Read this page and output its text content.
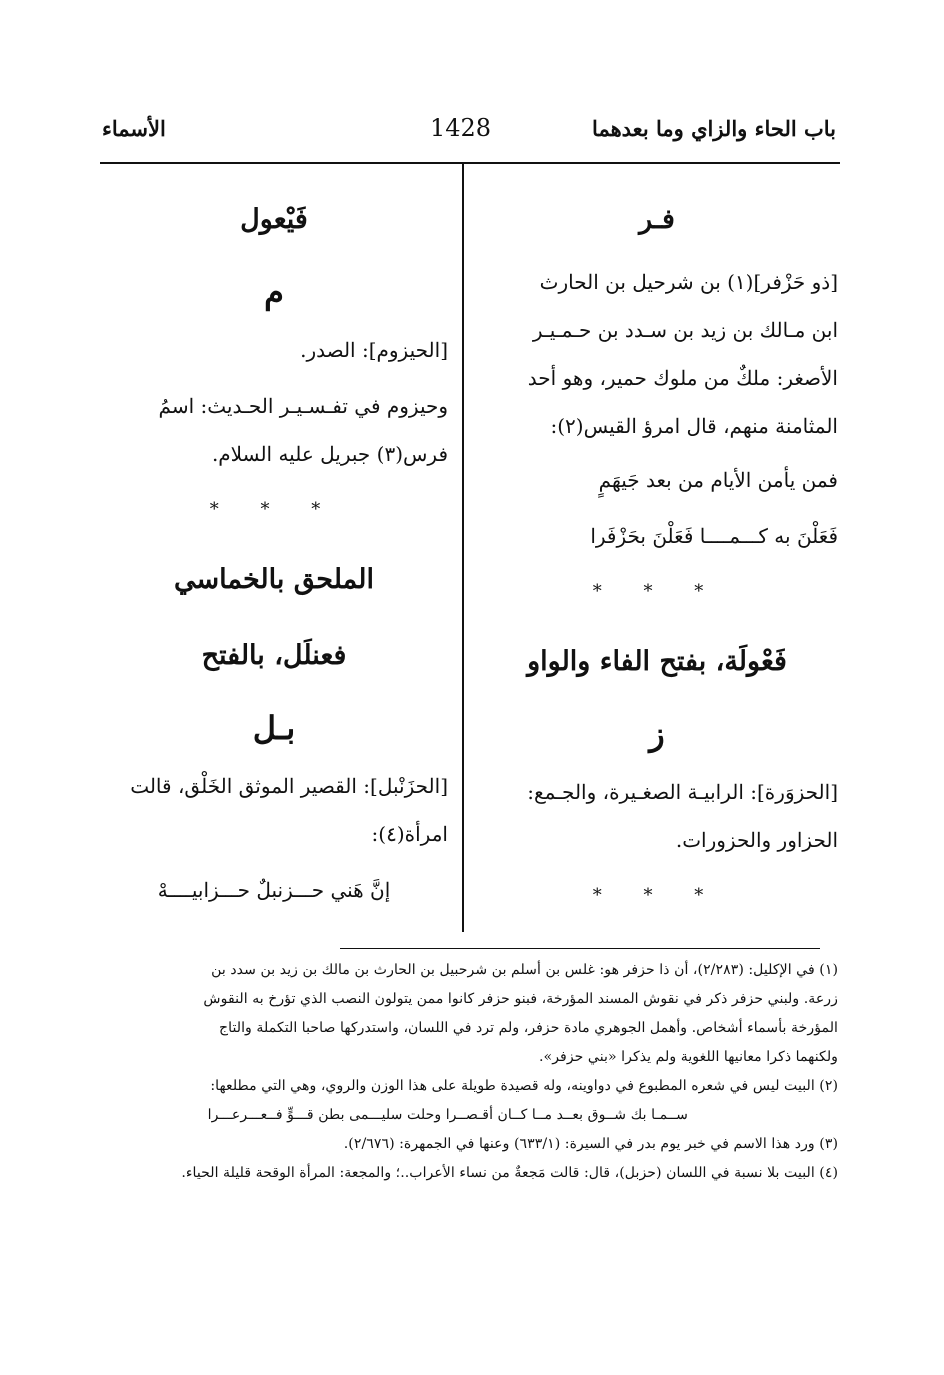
باب الحاء والزاي وما بعدهما
1428
الأسماء
فـر
[ذو حَزْفر](١) بن شرحيل بن الحارث
ابن مـالك بن زيد بن سـدد بن حـمـيـر
الأصغر: ملكٌ من ملوك حمير، وهو أحد
المثامنة منهم، قال امرؤ القيس(٢):
فمن يأمن الأيام من بعد جَيهَمٍ
فَعَلْنَ به كـــمــــا فَعَلْنَ بحَزْفَرا
* * *
فَعْولَة، بفتح الفاء والواو
ز
[الحزوَرة]: الرابيـة الصغـيرة، والجـمع:
الحزاور والحزورات.
* * *
فَيْعول
م
[الحيزوم]: الصدر.
وحيزوم في تفـسـيـر الحـديث: اسمُ
فرس(٣) جبريل عليه السلام.
* * *
الملحق بالخماسي
فعنلَل، بالفتح
بـل
[الحزَنْبل]: القصير الموثق الخَلْق، قالت
امرأة(٤):
إنَّ هَني حـــزنبلٌ حـــزابيــــهْ
(١) في الإكليل: (٢/٢٨٣)، أن ذا حزفر هو: غلس بن أسلم بن شرحبيل بن الحارث بن مالك بن زيد بن سدد بن
زرعة. ولبني حزفر ذكر في نقوش المسند المؤرخة، فبنو حزفر كانوا ممن يتولون النصب الذي تؤرخ به النقوش
المؤرخة بأسماء أشخاص. وأهمل الجوهري مادة حزفر، ولم ترد في اللسان، واستدركها صاحبا التكملة والتاج
ولكنهما ذكرا معانيها اللغوية ولم يذكرا «بني حزفر».
(٢) البيت ليس في شعره المطبوع في دواوينه، وله قصيدة طويلة على هذا الوزن والروي، وهي التي مطلعها:
ســمـا بك شــوق بعــد مــا كــان أقـصــرا وحلت سليـــمى بطن قـــوٍّ فــعـــرعـــرا
(٣) ورد هذا الاسم في خبر يوم بدر في السيرة: (٦٣٣/١) وعنها في الجمهرة: (٢/٦٧٦).
(٤) البيت بلا نسبة في اللسان (حزبل)، قال: قالت مَجعةٌ من نساء الأعراب..؛ والمجعة: المرأة الوقحة قليلة الحياء.
